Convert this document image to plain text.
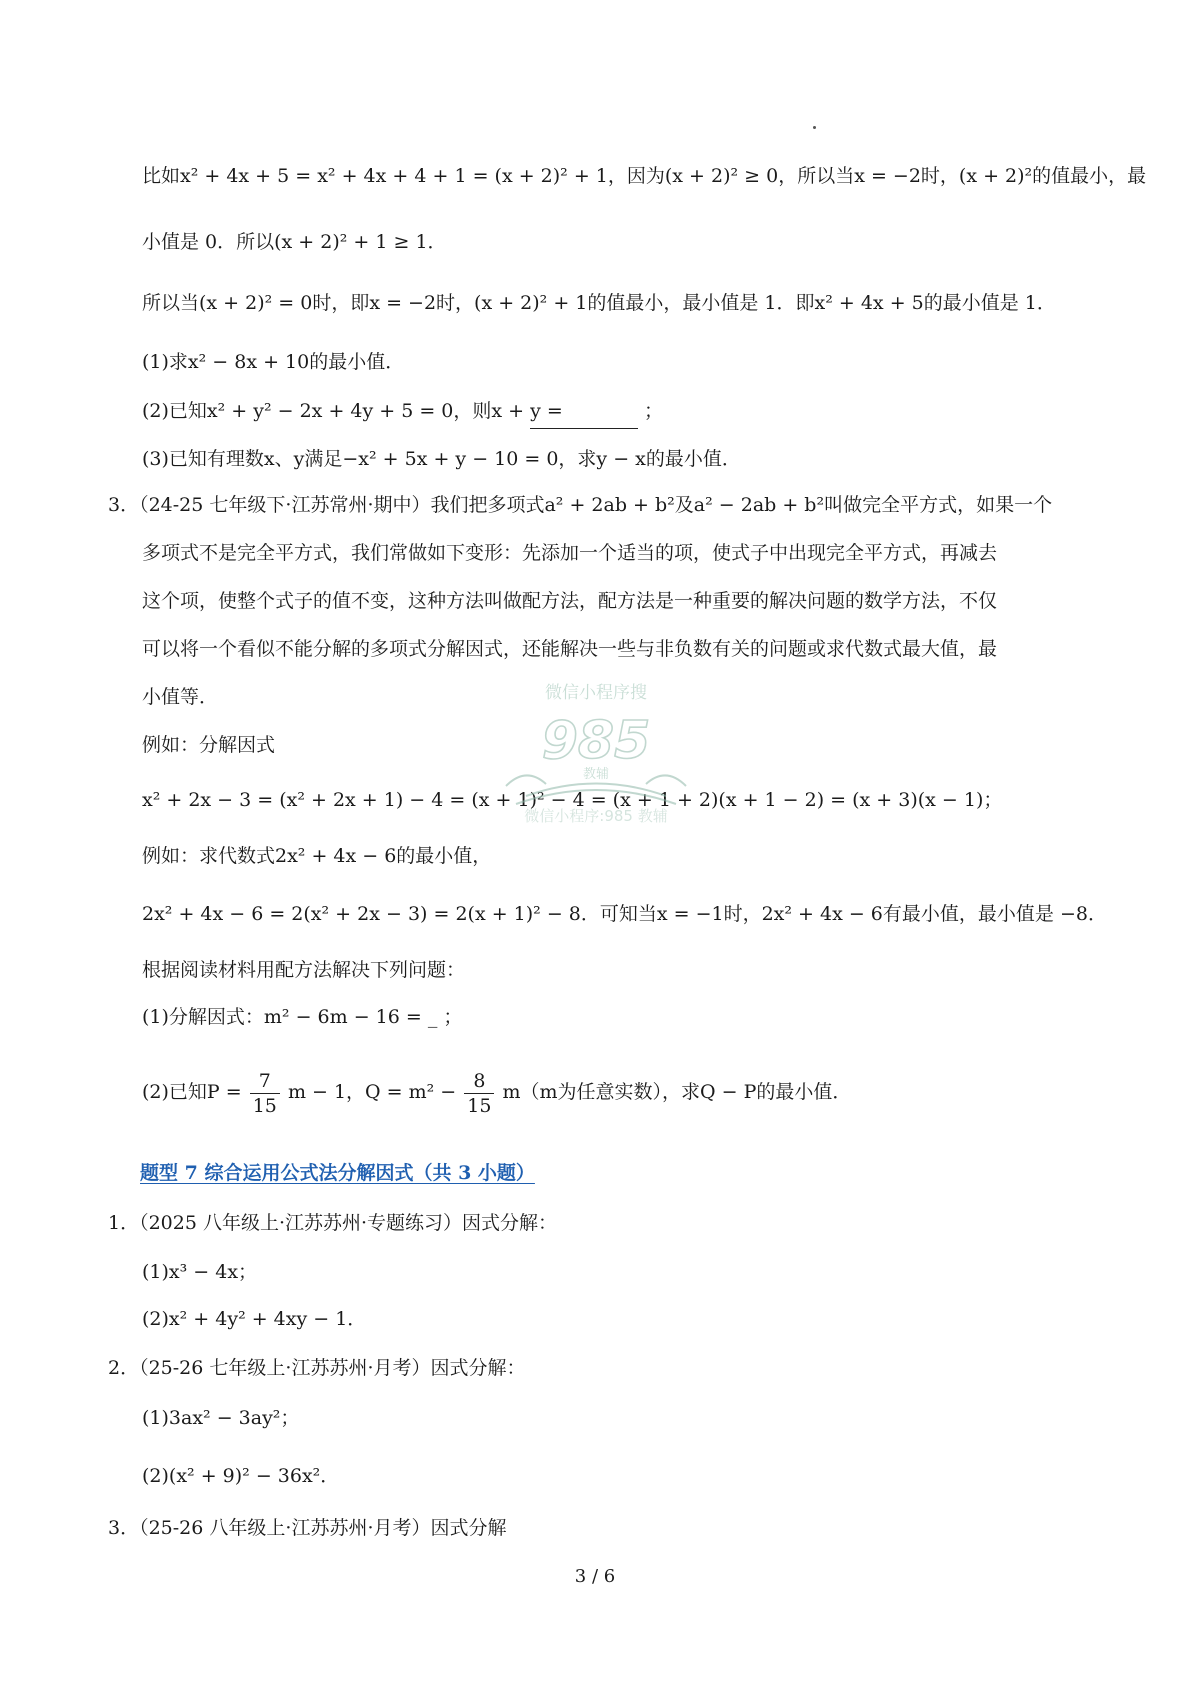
比如x² + 4x + 5 = x² + 4x + 4 + 1 = (x + 2)² + 1，因为(x + 2)² ≥ 0，所以当x = −2时，(x + 2)²的值最小，最
小值是 0．所以(x + 2)² + 1 ≥ 1．
所以当(x + 2)² = 0时，即x = −2时，(x + 2)² + 1的值最小，最小值是 1．即x² + 4x + 5的最小值是 1．
(1)求x² − 8x + 10的最小值．
(2)已知x² + y² − 2x + 4y + 5 = 0，则x + y =
(3)已知有理数x、y满足−x² + 5x + y − 10 = 0，求y − x的最小值．
3．（24-25 七年级下·江苏常州·期中）我们把多项式a² + 2ab + b²及a² − 2ab + b²叫做完全平方式，如果一个
多项式不是完全平方式，我们常做如下变形：先添加一个适当的项，使式子中出现完全平方式，再减去
这个项，使整个式子的值不变，这种方法叫做配方法，配方法是一种重要的解决问题的数学方法，不仅
可以将一个看似不能分解的多项式分解因式，还能解决一些与非负数有关的问题或求代数式最大值，最
小值等．
例如：分解因式
x² + 2x − 3 = (x² + 2x + 1) − 4 = (x + 1)² − 4 = (x + 1 + 2)(x + 1 − 2) = (x + 3)(x − 1)；
例如：求代数式2x² + 4x − 6的最小值，
2x² + 4x − 6 = 2(x² + 2x − 3) = 2(x + 1)² − 8．可知当x = −1时，2x² + 4x − 6有最小值，最小值是 −8．
根据阅读材料用配方法解决下列问题：
(1)分解因式：m² − 6m − 16 = _ ；
1．（2025 八年级上·江苏苏州·专题练习）因式分解：
(1)x³ − 4x；
(2)x² + 4y² + 4xy − 1．
2．（25-26 七年级上·江苏苏州·月考）因式分解：
(1)3ax² − 3ay²；
(2)(x² + 9)² − 36x²．
3．（25-26 八年级上·江苏苏州·月考）因式分解
(2)已知$P = \frac{7}{15}$ m − 1，$Q = m^2 - \frac{8}{15} m(m$为任意实数），求Q − P的最小值．
；
题型 7 综合运用公式法分解因式（共 3 小题）
微信小程序搜
985
教辅
微信小程序:985 教辅
3 / 6
